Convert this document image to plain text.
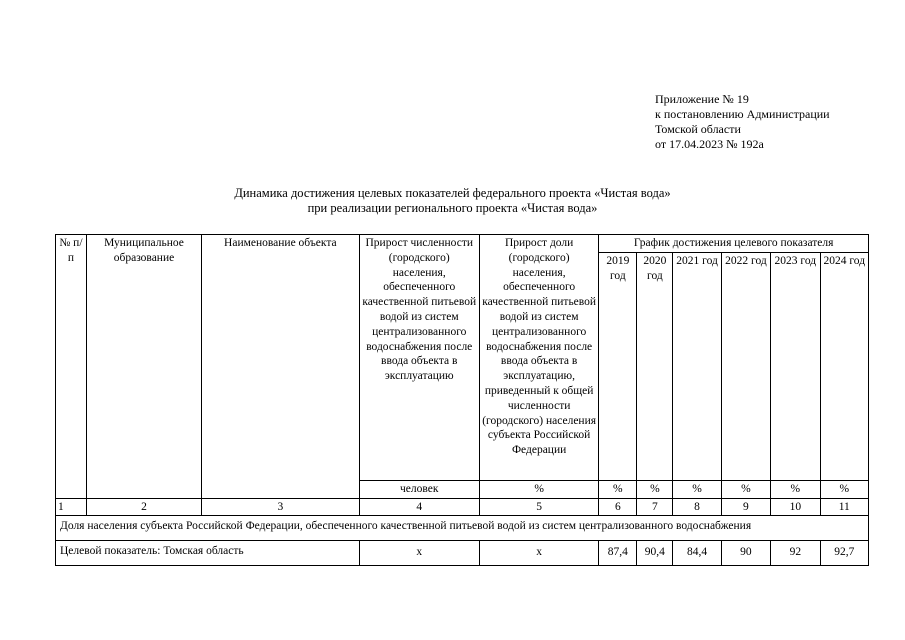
Приложение № 19
к постановлению Администрации
Томской области
от 17.04.2023 № 192а
Динамика достижения целевых показателей федерального проекта «Чистая вода»
при реализации регионального проекта «Чистая вода»
№ п/п	Муниципальное образование	Наименование объекта	Прирост численности (городского) населения, обеспеченного качественной питьевой водой из систем централизованного водоснабжения после ввода объекта в эксплуатацию	Прирост доли (городского) населения, обеспеченного качественной питьевой водой из систем централизованного водоснабжения после ввода объекта в эксплуатацию, приведенный к общей численности (городского) населения субъекта Российской Федерации	График достижения целевого показателя					
					2019 год	2020 год	2021 год	2022 год	2023 год	2024 год
			человек	%	%	%	%	%	%	%
1	2	3	4	5	6	7	8	9	10	11
Доля населения субъекта Российской Федерации, обеспеченного качественной питьевой водой из систем централизованного водоснабжения										
Целевой показатель: Томская область			х	х	87,4	90,4	84,4	90	92	92,7
